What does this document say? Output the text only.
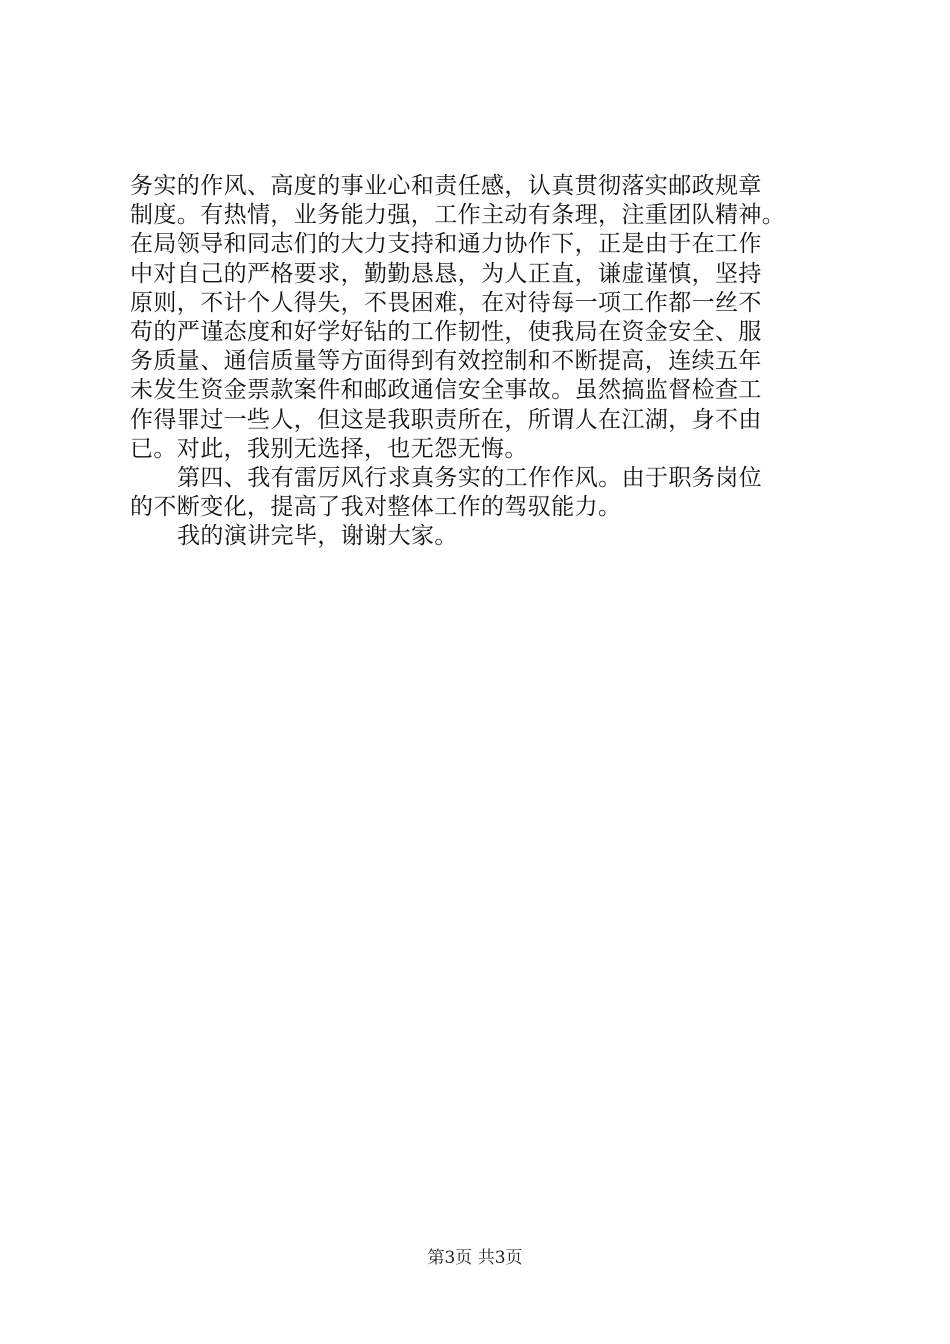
务实的作风、高度的事业心和责任感，认真贯彻落实邮政规章
制度。有热情，业务能力强，工作主动有条理，注重团队精神。
在局领导和同志们的大力支持和通力协作下，正是由于在工作
中对自己的严格要求，勤勤恳恳，为人正直，谦虚谨慎，坚持
原则，不计个人得失，不畏困难，在对待每一项工作都一丝不
苟的严谨态度和好学好钻的工作韧性，使我局在资金安全、服
务质量、通信质量等方面得到有效控制和不断提高，连续五年
未发生资金票款案件和邮政通信安全事故。虽然搞监督检查工
作得罪过一些人，但这是我职责所在，所谓人在江湖，身不由
已。对此，我别无选择，也无怨无悔。
第四、我有雷厉风行求真务实的工作作风。由于职务岗位
的不断变化，提高了我对整体工作的驾驭能力。
我的演讲完毕，谢谢大家。
第3页 共3页
